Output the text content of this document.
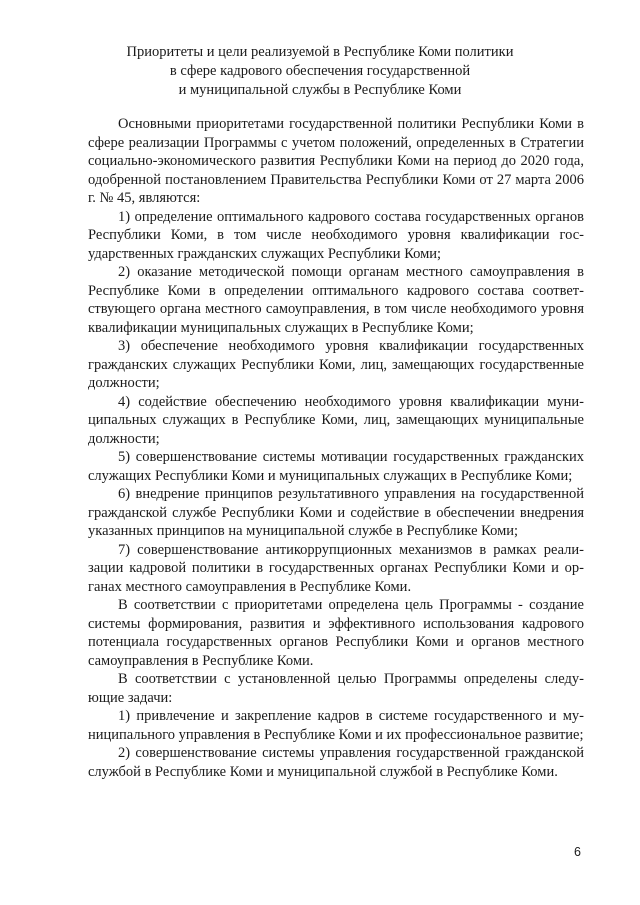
Приоритеты и цели реализуемой в Республике Коми политики
в сфере кадрового обеспечения государственной
и муниципальной службы в Республике Коми

Основными приоритетами государственной политики Республики Коми в сфере реализации Программы с учетом положений, определенных в Стратегии социально-экономического развития Республики Коми на период до 2020 года, одобренной постановлением Правительства Республики Коми от 27 марта 2006 г. № 45, являются:

1) определение оптимального кадрового состава государственных органов Республики Коми, в том числе необходимого уровня квалификации государственных гражданских служащих Республики Коми;

2) оказание методической помощи органам местного самоуправления в Республике Коми в определении оптимального кадрового состава соответствующего органа местного самоуправления, в том числе необходимого уровня квалификации муниципальных служащих в Республике Коми;

3) обеспечение необходимого уровня квалификации государственных гражданских служащих Республики Коми, лиц, замещающих государственные должности;

4) содействие обеспечению необходимого уровня квалификации муниципальных служащих в Республике Коми, лиц, замещающих муниципальные должности;

5) совершенствование системы мотивации государственных гражданских служащих Республики Коми и муниципальных служащих в Республике Коми;

6) внедрение принципов результативного управления на государственной гражданской службе Республики Коми и содействие в обеспечении внедрения указанных принципов на муниципальной службе в Республике Коми;

7) совершенствование антикоррупционных механизмов в рамках реализации кадровой политики в государственных органах Республики Коми и органах местного самоуправления в Республике Коми.

В соответствии с приоритетами определена цель Программы - создание системы формирования, развития и эффективного использования кадрового потенциала государственных органов Республики Коми и органов местного самоуправления в Республике Коми.

В соответствии с установленной целью Программы определены следующие задачи:

1) привлечение и закрепление кадров в системе государственного и муниципального управления в Республике Коми и их профессиональное развитие;

2) совершенствование системы управления государственной гражданской службой в Республике Коми и муниципальной службой в Республике Коми.

6
